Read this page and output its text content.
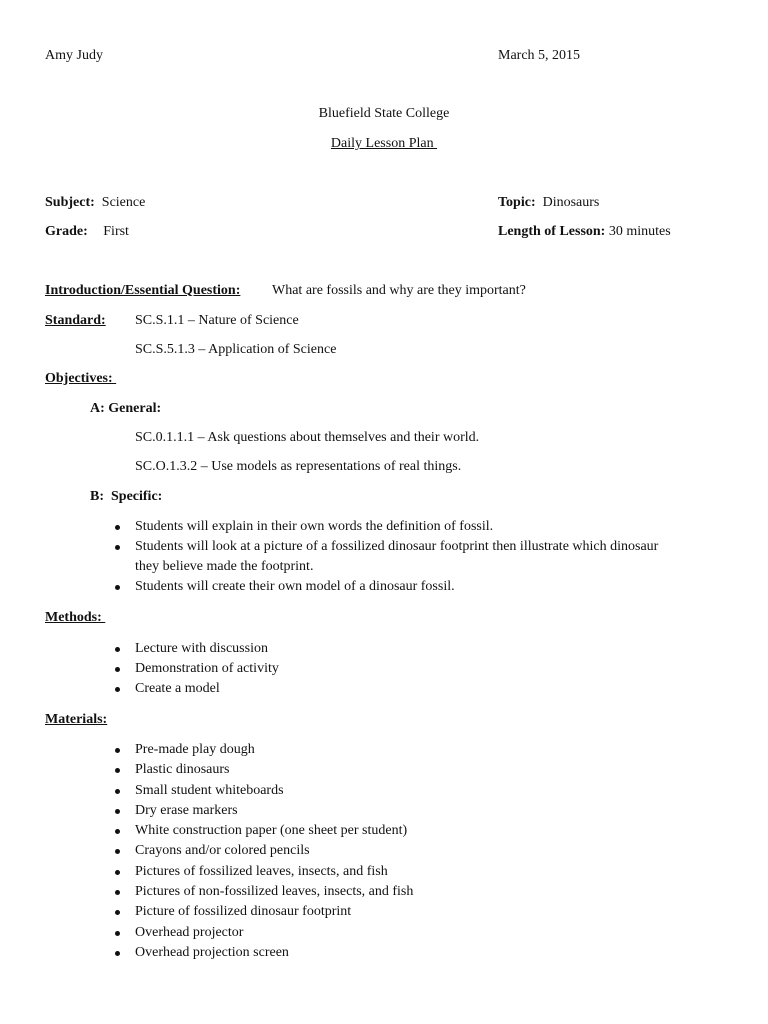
Amy Judy	March 5, 2015
Bluefield State College
Daily Lesson Plan
Subject: Science	Topic: Dinosaurs
Grade: First	Length of Lesson: 30 minutes
Introduction/Essential Question: What are fossils and why are they important?
Standard: SC.S.1.1 – Nature of Science
SC.S.5.1.3 – Application of Science
Objectives:
A: General:
SC.0.1.1.1 – Ask questions about themselves and their world.
SC.O.1.3.2 – Use models as representations of real things.
B:  Specific:
Students will explain in their own words the definition of fossil.
Students will look at a picture of a fossilized dinosaur footprint then illustrate which dinosaur
they believe made the footprint.
Students will create their own model of a dinosaur fossil.
Methods:
Lecture with discussion
Demonstration of activity
Create a model
Materials:
Pre-made play dough
Plastic dinosaurs
Small student whiteboards
Dry erase markers
White construction paper (one sheet per student)
Crayons and/or colored pencils
Pictures of fossilized leaves, insects, and fish
Pictures of non-fossilized leaves, insects, and fish
Picture of fossilized dinosaur footprint
Overhead projector
Overhead projection screen
